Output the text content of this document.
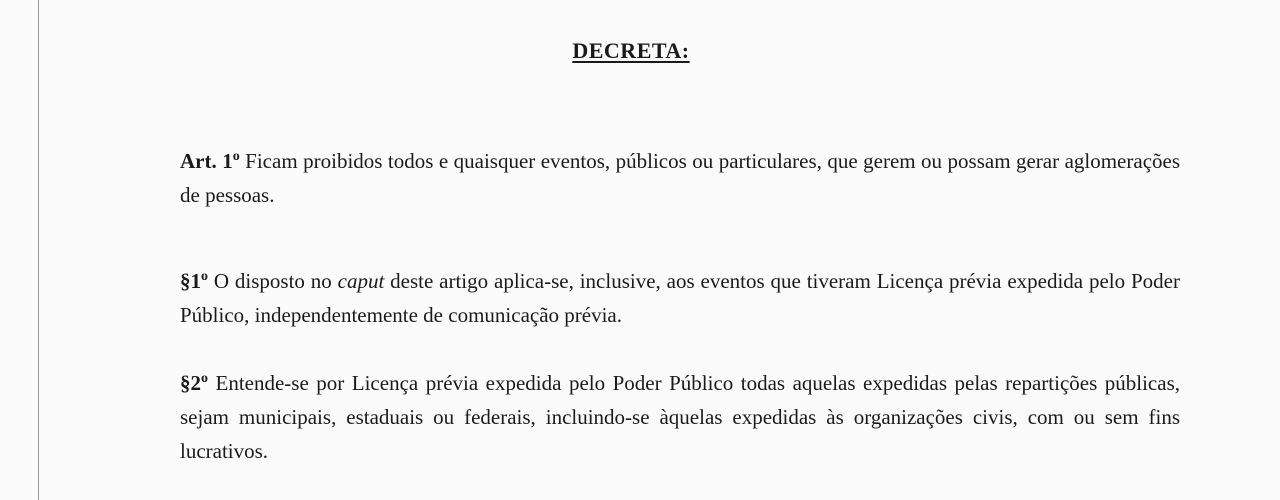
DECRETA:
Art. 1$^o$ Ficam proibidos todos e quaisquer eventos, públicos ou particulares, que gerem ou possam gerar aglomerações de pessoas.
§1$^o$ O disposto no caput deste artigo aplica-se, inclusive, aos eventos que tiveram Licença prévia expedida pelo Poder Público, independentemente de comunicação prévia.
§2$^o$ Entende-se por Licença prévia expedida pelo Poder Público todas aquelas expedidas pelas repartições públicas, sejam municipais, estaduais ou federais, incluindo-se àquelas expedidas às organizações civis, com ou sem fins lucrativos.
